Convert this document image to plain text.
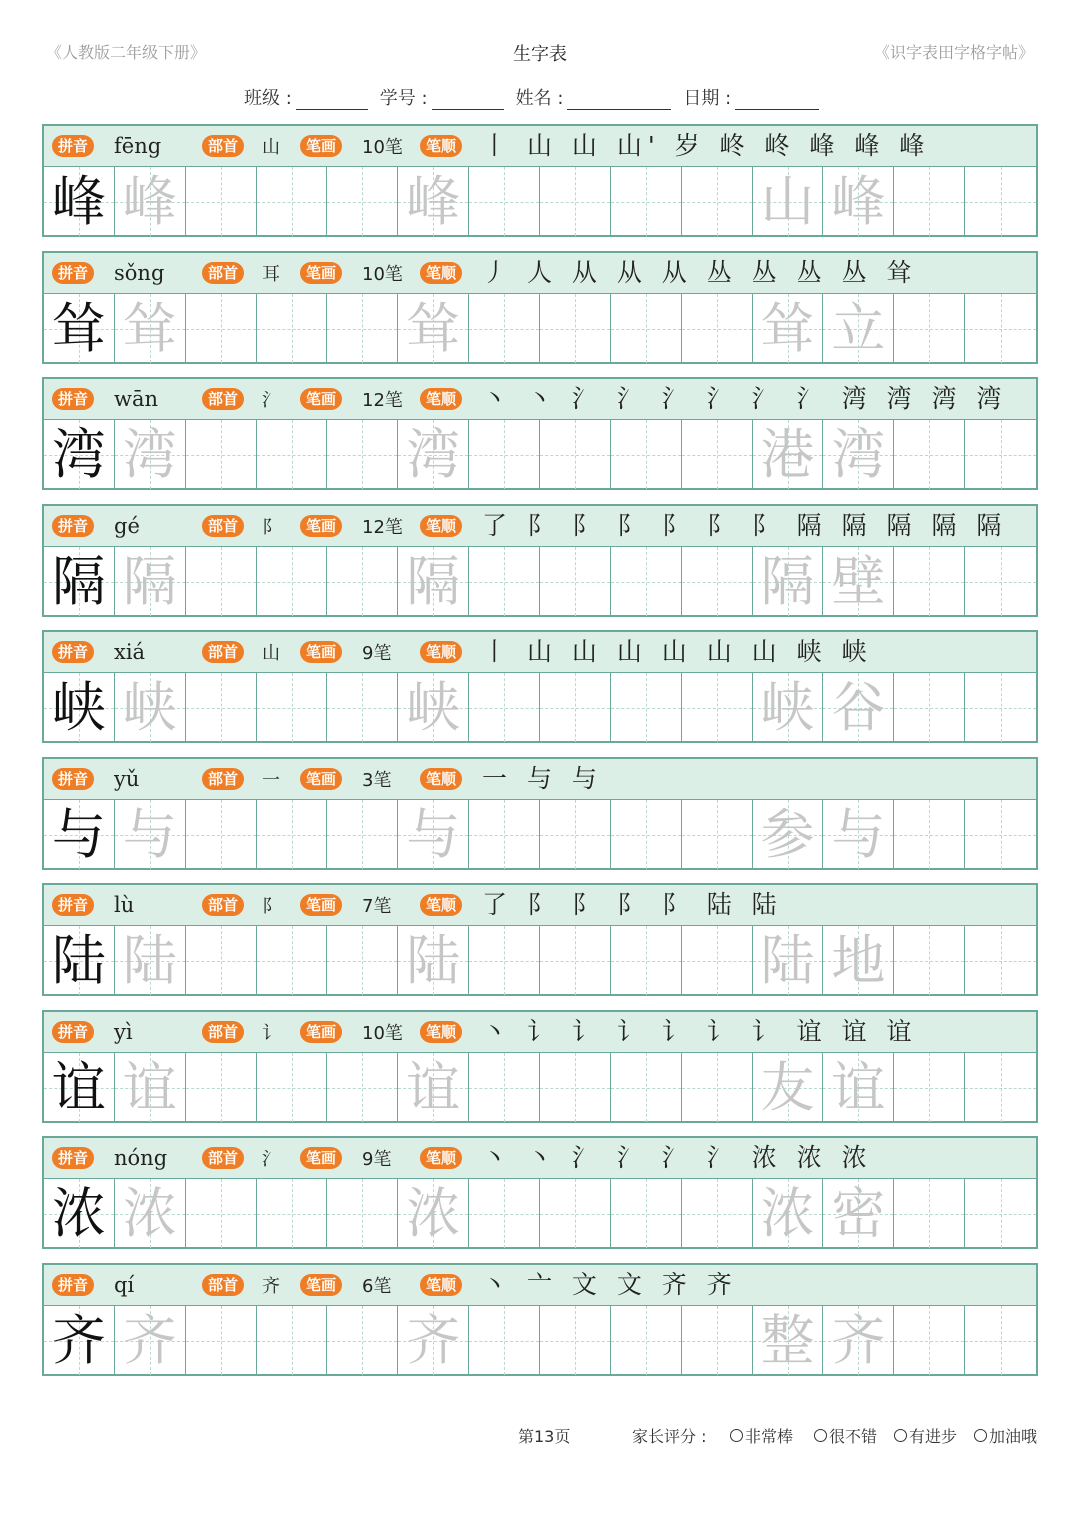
《人教版二年级下册》	生字表	《识字表田字格字帖》
班级 :	学号 :	姓名 :	日期 :
拼音 fēng	部首	山	笔画	10笔	笔顺 丨 山 山 山' 岁 峂 峂 峰 峰 峰
峰 峰	峰	山 峰
拼音 sǒng	部首	耳	笔画	10笔	笔顺 丿 人 从 从 从 丛 丛 丛 丛 耸
耸 耸	耸	耸 立
拼音 wān	部首	氵	笔画	12笔	笔顺 丶 丶 氵 氵 氵 氵 氵 氵 湾 湾 湾 湾
湾 湾	湾	港 湾
拼音 gé	部首	阝	笔画	12笔	笔顺 了 阝 阝 阝 阝 阝 阝 隔 隔 隔 隔 隔
隔 隔	隔	隔 壁
拼音 xiá	部首	山	笔画	9笔	笔顺 丨 山 山 山 山 山 山 峡 峡
峡 峡	峡	峡 谷
拼音 yǔ	部首	一	笔画	3笔	笔顺 一 与 与
与 与	与	参 与
拼音 lù	部首	阝	笔画	7笔	笔顺 了 阝 阝 阝 阝 陆 陆
陆 陆	陆	陆 地
拼音 yì	部首	讠	笔画	10笔	笔顺 丶 讠 讠 讠 讠 讠 讠 谊 谊 谊
谊 谊	谊	友 谊
拼音 nóng	部首	氵	笔画	9笔	笔顺 丶 丶 氵 氵 氵 氵 浓 浓 浓
浓 浓	浓	浓 密
拼音 qí	部首	齐	笔画	6笔	笔顺 丶 亠 文 文 齐 齐
齐 齐	齐	整 齐
第13页	家长评分 : 非常棒 很不错 有进步 加油哦
